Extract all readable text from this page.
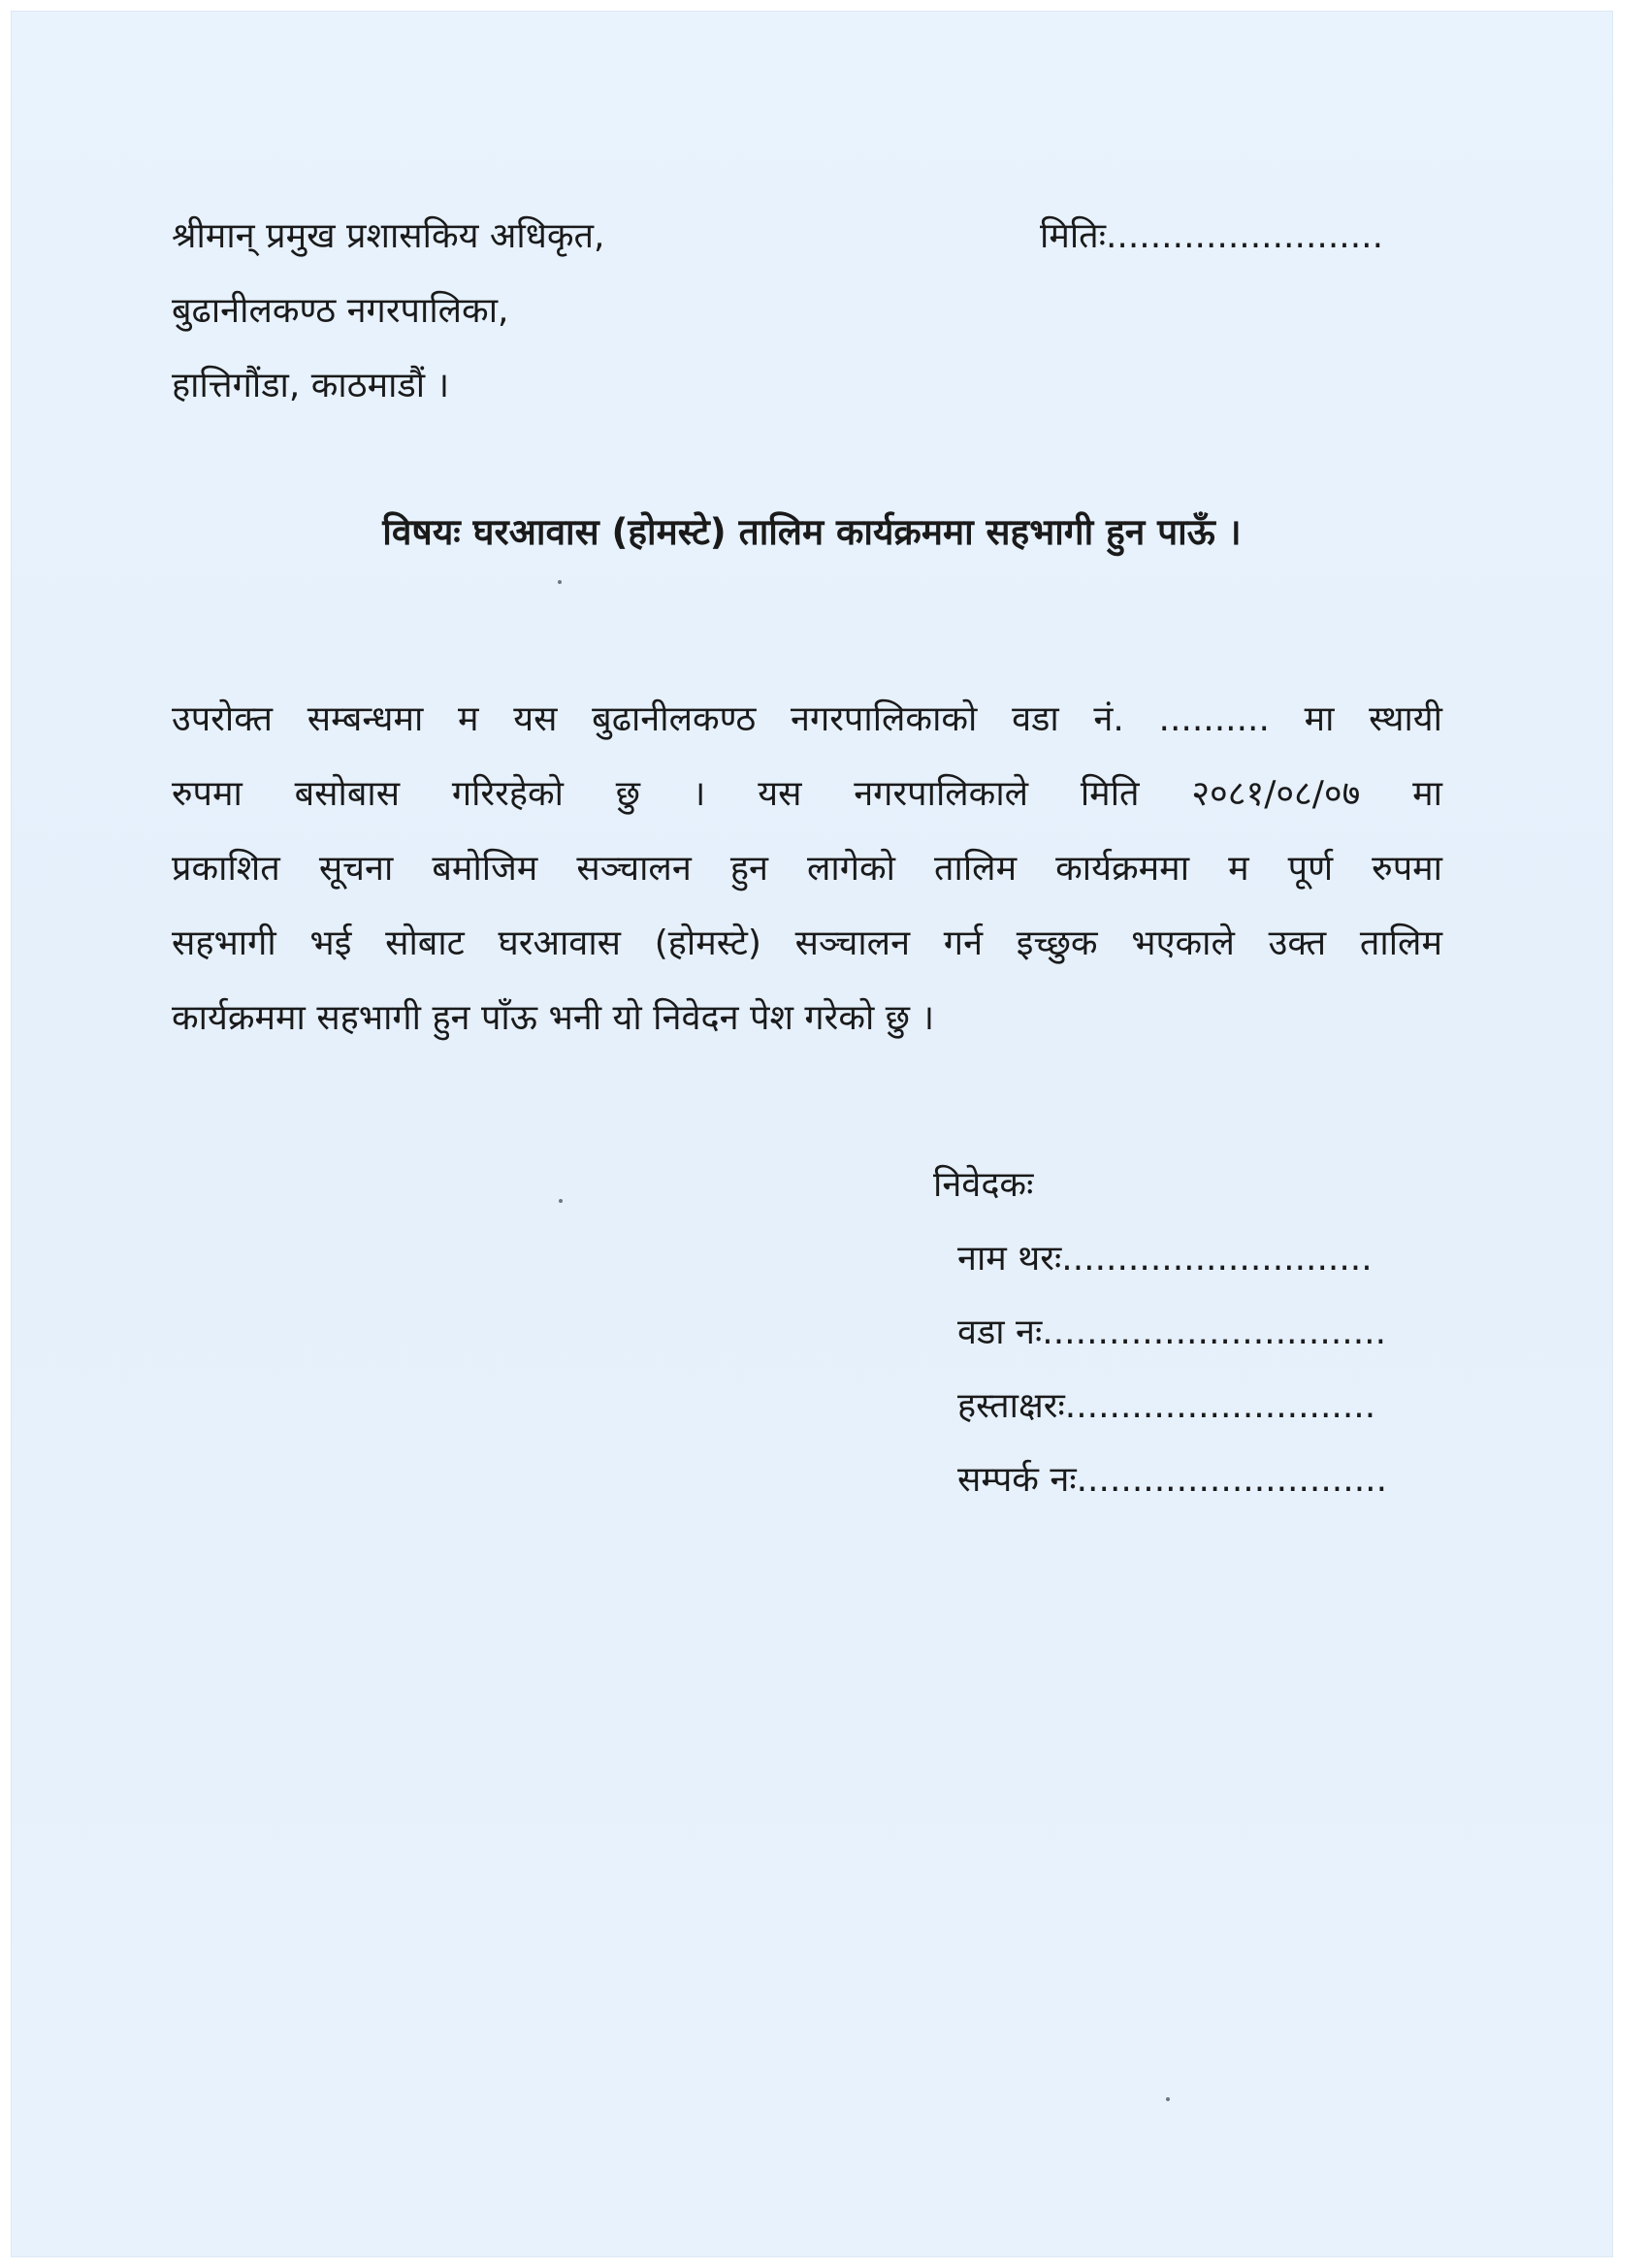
श्रीमान् प्रमुख प्रशासकिय अधिकृत,
बुढानीलकण्ठ नगरपालिका,
हात्तिगौंडा, काठमाडौं ।
मितिः.........................
विषयः घरआवास (होमस्टे) तालिम कार्यक्रममा सहभागी हुन पाऊँ ।
उपरोक्त सम्बन्धमा म यस बुढानीलकण्ठ नगरपालिकाको वडा नं. .......... मा स्थायी
रुपमा बसोबास गरिरहेको छु । यस नगरपालिकाले मिति २०८१/०८/०७ मा
प्रकाशित सूचना बमोजिम सञ्चालन हुन लागेको तालिम कार्यक्रममा म पूर्ण रुपमा
सहभागी भई सोबाट घरआवास (होमस्टे) सञ्चालन गर्न इच्छुक भएकाले उक्त तालिम
कार्यक्रममा सहभागी हुन पाँऊ भनी यो निवेदन पेश गरेको छु ।
निवेदकः
नाम थरः............................
वडा नः...............................
हस्ताक्षरः............................
सम्पर्क नः............................
